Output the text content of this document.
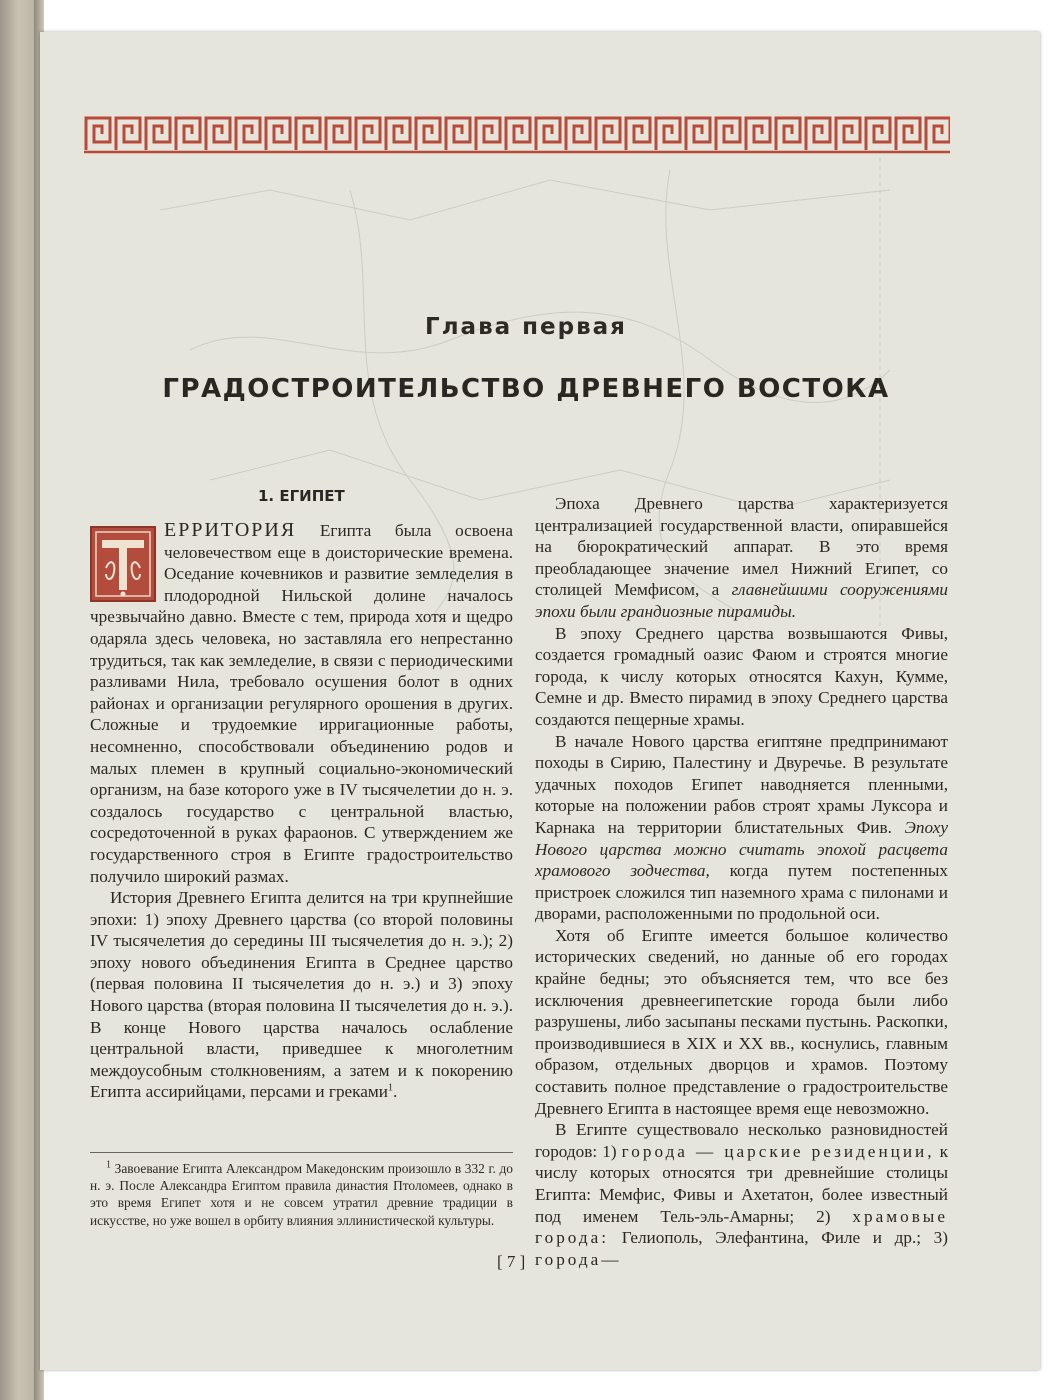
Глава первая
ГРАДОСТРОИТЕЛЬСТВО ДРЕВНЕГО ВОСТОКА
1. ЕГИПЕТ

ЕРРИТОРИЯ Египта была освоена человечеством еще в доисторические времена. Оседание кочевников и развитие земледелия в плодородной Нильской долине началось чрезвычайно давно. Вместе с тем, природа хотя и щедро одаряла здесь человека, но заставляла его непрестанно трудиться, так как земледелие, в связи с периодическими разливами Нила, требовало осушения болот в одних районах и организации регулярного орошения в других. Сложные и трудоемкие ирригационные работы, несомненно, способствовали объединению родов и малых племен в крупный социально-экономический организм, на базе которого уже в IV тысячелетии до н. э. создалось государство с центральной властью, сосредоточенной в руках фараонов. С утверждением же государственного строя в Египте градостроительство получило широкий размах.

История Древнего Египта делится на три крупнейшие эпохи: 1) эпоху Древнего царства (со второй половины IV тысячелетия до середины III тысячелетия до н. э.); 2) эпоху нового объединения Египта в Среднее царство (первая половина II тысячелетия до н. э.) и 3) эпоху Нового царства (вторая половина II тысячелетия до н. э.). В конце Нового царства началось ослабление центральной власти, приведшее к многолетним междоусобным столкновениям, а затем и к покорению Египта ассирийцами, персами и греками$^1$.

Эпоха Древнего царства характеризуется централизацией государственной власти, опиравшейся на бюрократический аппарат. В это время преобладающее значение имел Нижний Египет, со столицей Мемфисом, а главнейшими сооружениями эпохи были грандиозные пирамиды.

В эпоху Среднего царства возвышаются Фивы, создается громадный оазис Фаюм и строятся многие города, к числу которых относятся Кахун, Кумме, Семне и др. Вместо пирамид в эпоху Среднего царства создаются пещерные храмы.

В начале Нового царства египтяне предпринимают походы в Сирию, Палестину и Двуречье. В результате удачных походов Египет наводняется пленными, которые на положении рабов строят храмы Луксора и Карнака на территории блистательных Фив. Эпоху Нового царства можно считать эпохой расцвета храмового зодчества, когда путем постепенных пристроек сложился тип наземного храма с пилонами и дворами, расположенными по продольной оси.

Хотя об Египте имеется большое количество исторических сведений, но данные об его городах крайне бедны; это объясняется тем, что все без исключения древнеегипетские города были либо разрушены, либо засыпаны песками пустынь. Раскопки, производившиеся в XIX и XX вв., коснулись, главным образом, отдельных дворцов и храмов. Поэтому составить полное представление о градостроительстве Древнего Египта в настоящее время еще невозможно.

В Египте существовало несколько разновидностей городов: 1) города — царские резиденции, к числу которых относятся три древнейшие столицы Египта: Мемфис, Фивы и Ахетатон, более известный под именем Тель-эль-Амарны; 2) храмовые города: Гелиополь, Элефантина, Филе и др.; 3) города—

$^1$ Завоевание Египта Александром Македонским произошло в 332 г. до н. э. После Александра Египтом правила династия Птоломеев, однако в это время Египет хотя и не совсем утратил древние традиции в искусстве, но уже вошел в орбиту влияния эллинистической культуры.

[ 7 ]
